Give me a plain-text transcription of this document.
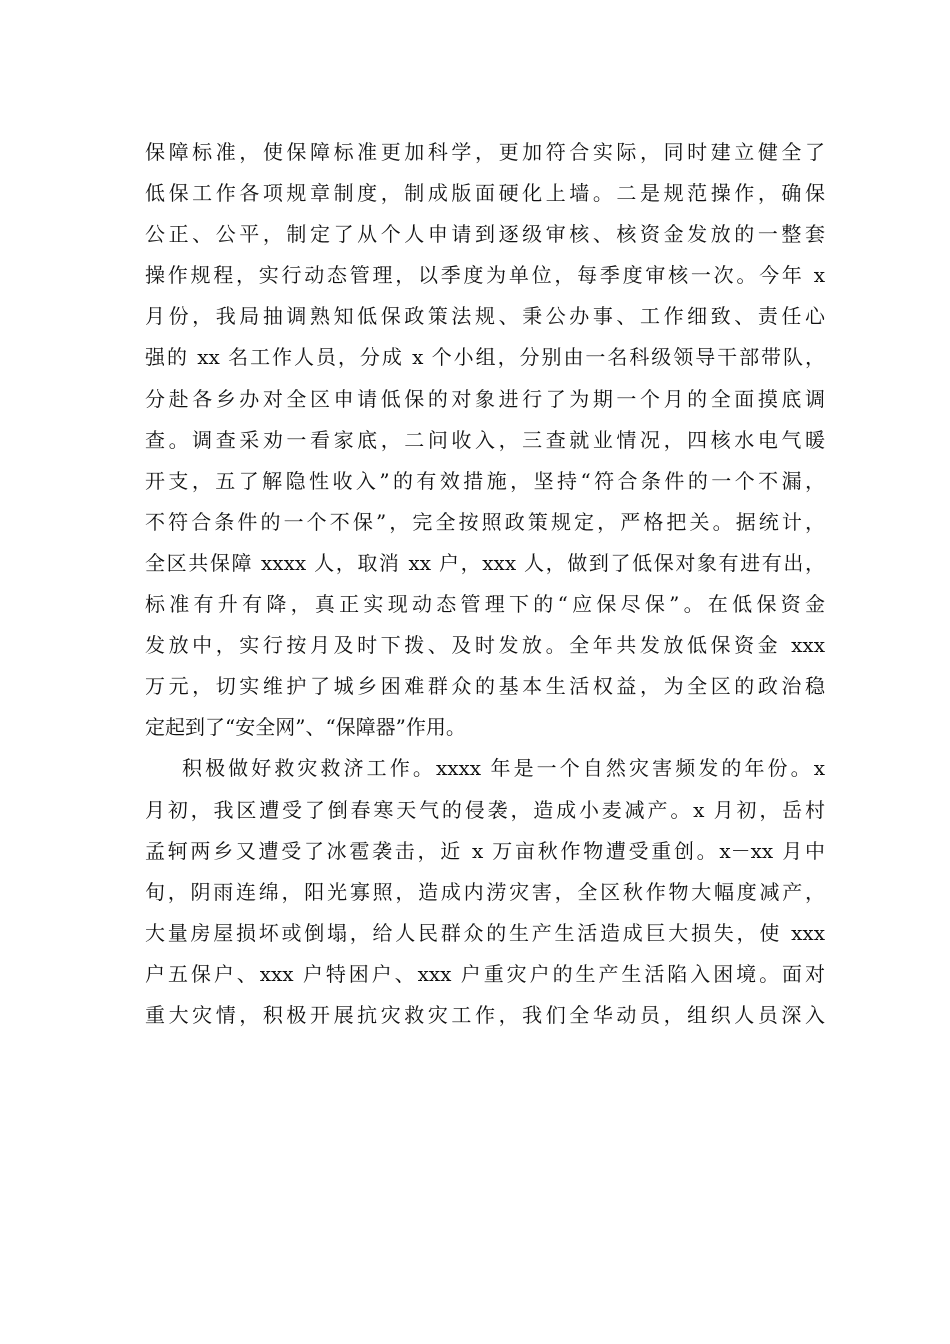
保障标准，使保障标准更加科学，更加符合实际，同时建立健全了
低保工作各项规章制度，制成版面硬化上墙。二是规范操作，确保
公正、公平，制定了从个人申请到逐级审核、核资金发放的一整套
操作规程，实行动态管理，以季度为单位，每季度审核一次。今年 x
月份，我局抽调熟知低保政策法规、秉公办事、工作细致、责任心
强的 xx 名工作人员，分成 x 个小组，分别由一名科级领导干部带队，
分赴各乡办对全区申请低保的对象进行了为期一个月的全面摸底调
查。调查采劝一看家底，二问收入，三查就业情况，四核水电气暖
开支，五了解隐性收入”的有效措施，坚持“符合条件的一个不漏，
不符合条件的一个不保”，完全按照政策规定，严格把关。据统计，
全区共保障 xxxx 人，取消 xx 户，xxx 人，做到了低保对象有进有出，
标准有升有降，真正实现动态管理下的“应保尽保”。在低保资金
发放中，实行按月及时下拨、及时发放。全年共发放低保资金 xxx
万元，切实维护了城乡困难群众的基本生活权益，为全区的政治稳
定起到了“安全网”、“保障器”作用。
积极做好救灾救济工作。xxxx 年是一个自然灾害频发的年份。x
月初，我区遭受了倒春寒天气的侵袭，造成小麦减产。x 月初，岳村
孟轲两乡又遭受了冰雹袭击，近 x 万亩秋作物遭受重创。x－xx 月中
旬，阴雨连绵，阳光寡照，造成内涝灾害，全区秋作物大幅度减产，
大量房屋损坏或倒塌，给人民群众的生产生活造成巨大损失，使 xxx
户五保户、xxx 户特困户、xxx 户重灾户的生产生活陷入困境。面对
重大灾情，积极开展抗灾救灾工作，我们全华动员，组织人员深入
